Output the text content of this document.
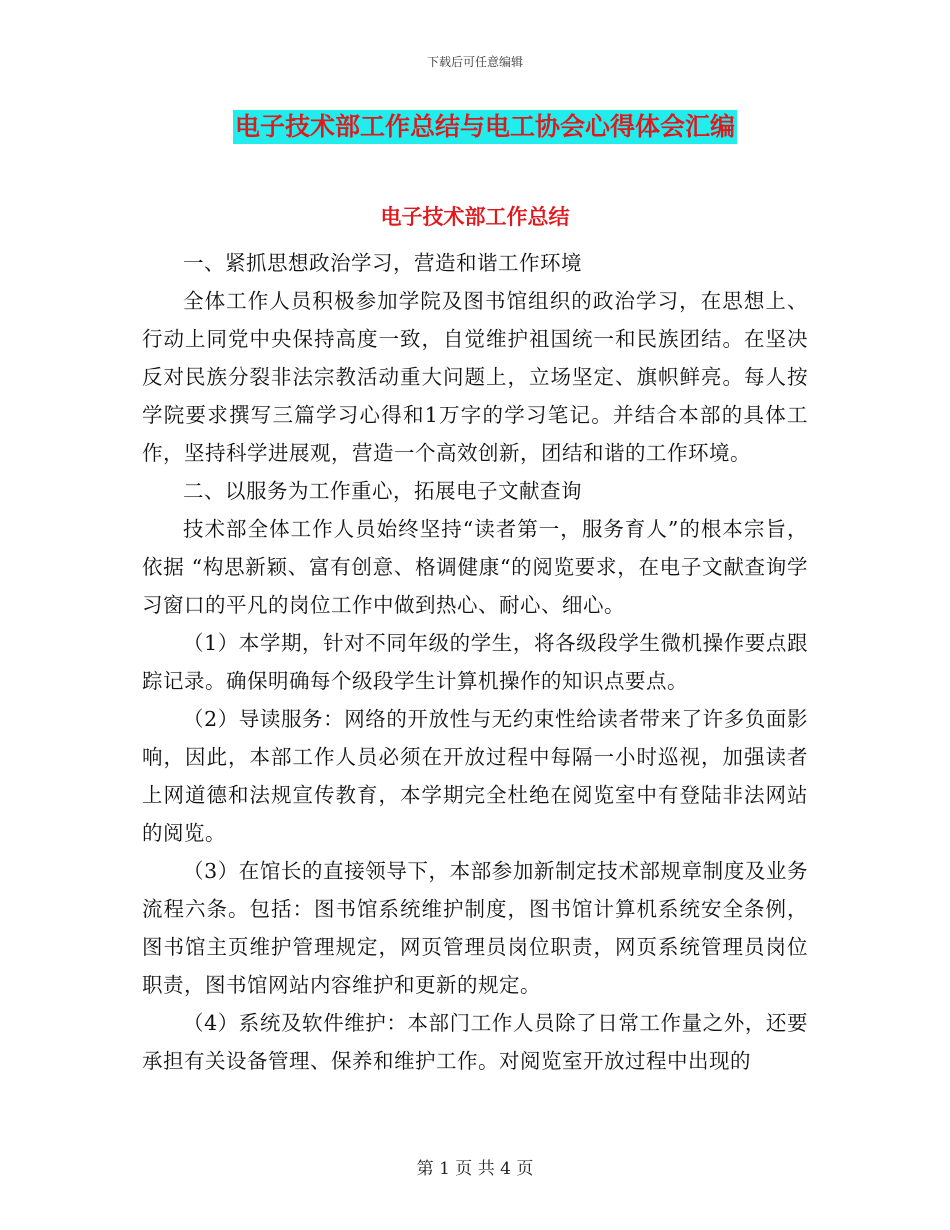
下载后可任意编辑
电子技术部工作总结与电工协会心得体会汇编
电子技术部工作总结

一、紧抓思想政治学习，营造和谐工作环境

全体工作人员积极参加学院及图书馆组织的政治学习，在思想上、行动上同党中央保持高度一致，自觉维护祖国统一和民族团结。在坚决反对民族分裂非法宗教活动重大问题上，立场坚定、旗帜鲜亮。每人按学院要求撰写三篇学习心得和1万字的学习笔记。并结合本部的具体工作，坚持科学进展观，营造一个高效创新，团结和谐的工作环境。

二、以服务为工作重心，拓展电子文献查询

技术部全体工作人员始终坚持“读者第一，服务育人”的根本宗旨， 依据 “构思新颖、富有创意、格调健康“的阅览要求，在电子文献查询学习窗口的平凡的岗位工作中做到热心、耐心、细心。

（1）本学期，针对不同年级的学生，将各级段学生微机操作要点跟踪记录。确保明确每个级段学生计算机操作的知识点要点。

（2）导读服务：网络的开放性与无约束性给读者带来了许多负面影响，因此，本部工作人员必须在开放过程中每隔一小时巡视，加强读者上网道德和法规宣传教育，本学期完全杜绝在阅览室中有登陆非法网站的阅览。

（3）在馆长的直接领导下，本部参加新制定技术部规章制度及业务流程六条。包括：图书馆系统维护制度，图书馆计算机系统安全条例，图书馆主页维护管理规定，网页管理员岗位职责，网页系统管理员岗位职责，图书馆网站内容维护和更新的规定。

（4）系统及软件维护：本部门工作人员除了日常工作量之外，还要承担有关设备管理、保养和维护工作。对阅览室开放过程中出现的

第 1 页 共 4 页
